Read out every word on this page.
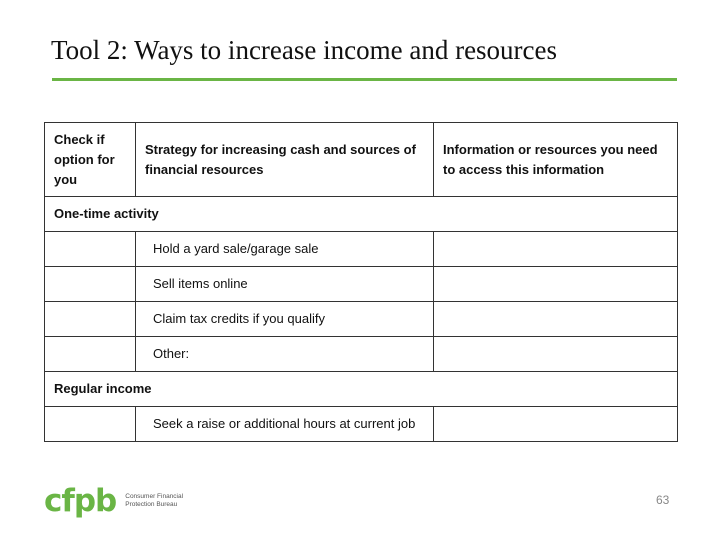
Tool 2: Ways to increase income and resources
Check if option for you	Strategy for increasing cash and sources of financial resources	Information or resources you need to access this information
One-time activity		
	Hold a yard sale/garage sale	
	Sell items online	
	Claim tax credits if you qualify	
	Other:	
Regular income		
	Seek a raise or additional hours at current job	
cfpb Consumer Financial
Protection Bureau	63
